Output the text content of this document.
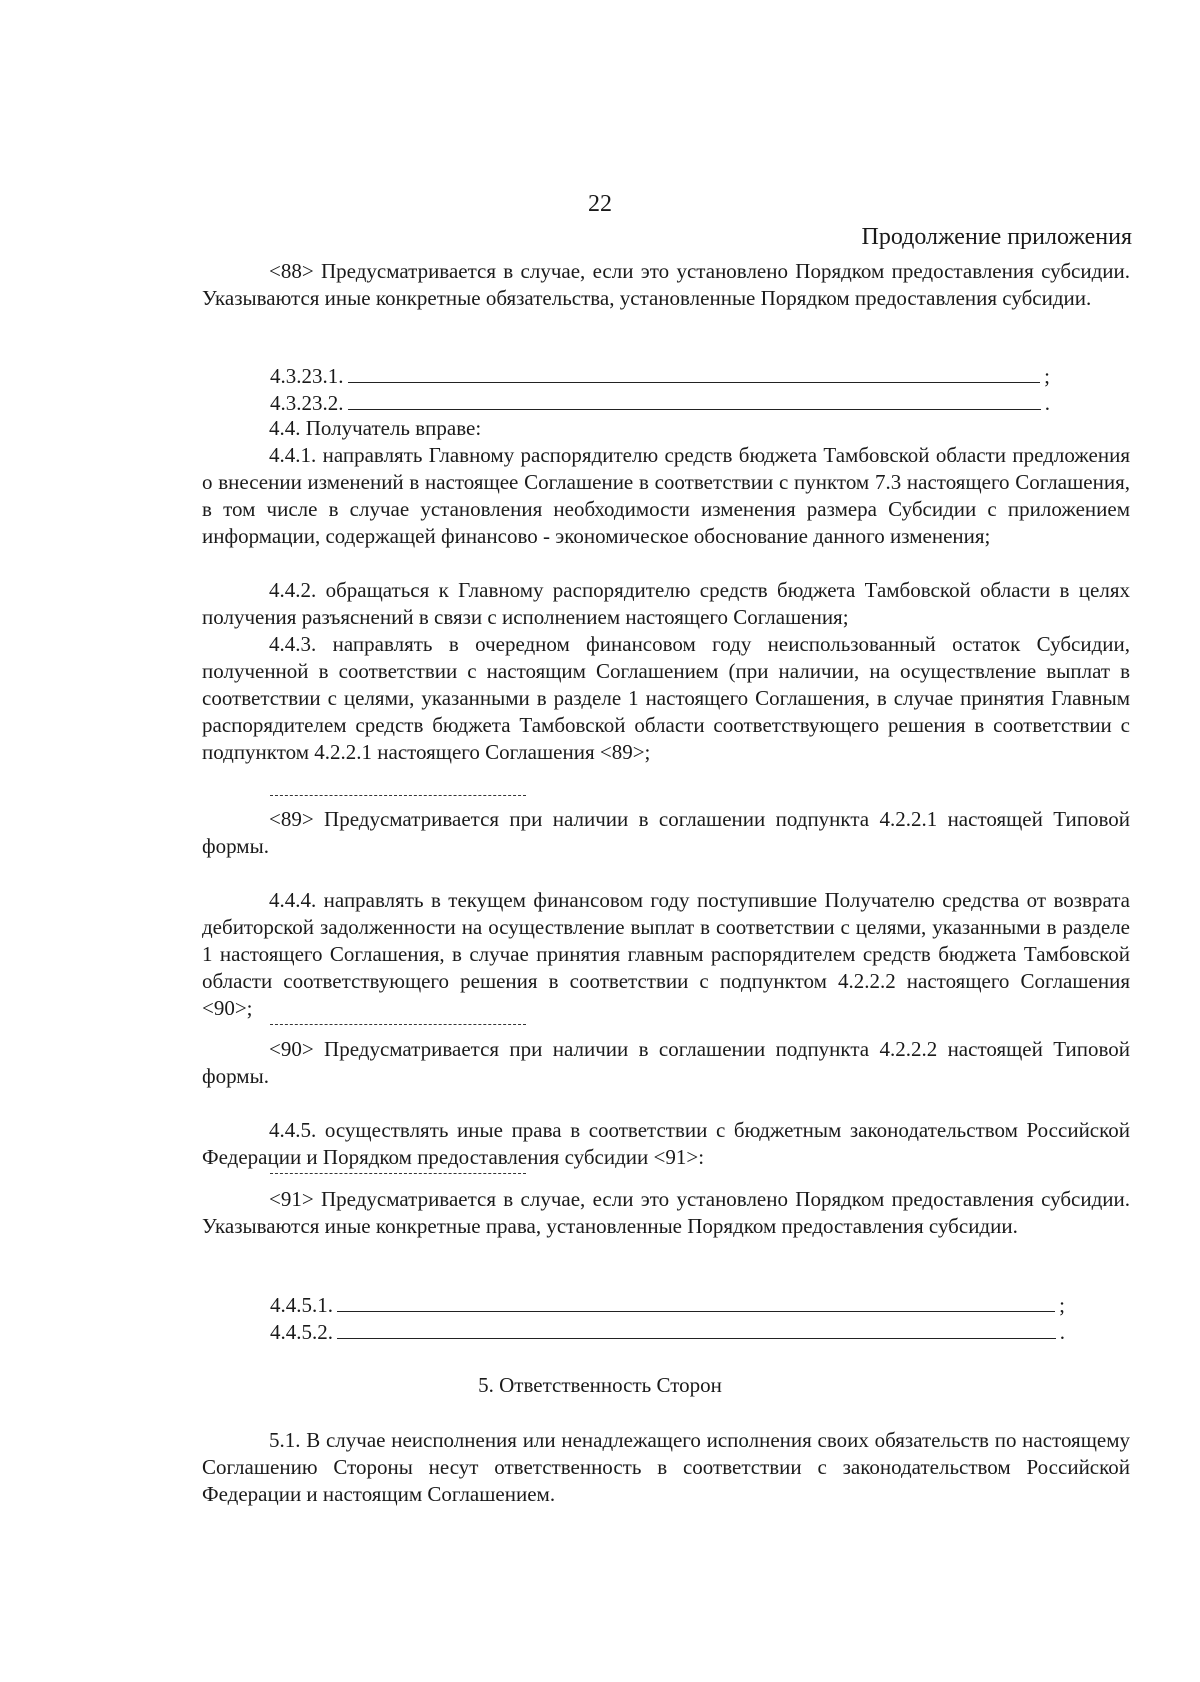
22
Продолжение приложения

<88> Предусматривается в случае, если это установлено Порядком предоставления субсидии. Указываются иные конкретные обязательства, установленные Порядком предоставления субсидии.

4.3.23.1.	;
4.3.23.2.	.

4.4. Получатель вправе:

4.4.1. направлять Главному распорядителю средств бюджета Тамбовской области предложения о внесении изменений в настоящее Соглашение в соответствии с пунктом 7.3 настоящего Соглашения, в том числе в случае установления необходимости изменения размера Субсидии с приложением информации, содержащей финансово - экономическое обоснование данного изменения;

4.4.2. обращаться к Главному распорядителю средств бюджета Тамбовской области в целях получения разъяснений в связи с исполнением настоящего Соглашения;

4.4.3. направлять в очередном финансовом году неиспользованный остаток Субсидии, полученной в соответствии с настоящим Соглашением (при наличии, на осуществление выплат в соответствии с целями, указанными в разделе 1 настоящего Соглашения, в случае принятия Главным распорядителем средств бюджета Тамбовской области соответствующего решения в соответствии с подпунктом 4.2.2.1 настоящего Соглашения <89>;

<89> Предусматривается при наличии в соглашении подпункта 4.2.2.1 настоящей Типовой формы.

4.4.4. направлять в текущем финансовом году поступившие Получателю средства от возврата дебиторской задолженности на осуществление выплат в соответствии с целями, указанными в разделе 1 настоящего Соглашения, в случае принятия главным распорядителем средств бюджета Тамбовской области соответствующего решения в соответствии с подпунктом 4.2.2.2 настоящего Соглашения <90>;

<90> Предусматривается при наличии в соглашении подпункта 4.2.2.2 настоящей Типовой формы.

4.4.5. осуществлять иные права в соответствии с бюджетным законодательством Российской Федерации и Порядком предоставления субсидии <91>:

<91> Предусматривается в случае, если это установлено Порядком предоставления субсидии. Указываются иные конкретные права, установленные Порядком предоставления субсидии.

4.4.5.1.	;
4.4.5.2.	.
5. Ответственность Сторон

5.1. В случае неисполнения или ненадлежащего исполнения своих обязательств по настоящему Соглашению Стороны несут ответственность в соответствии с законодательством Российской Федерации и настоящим Соглашением.
